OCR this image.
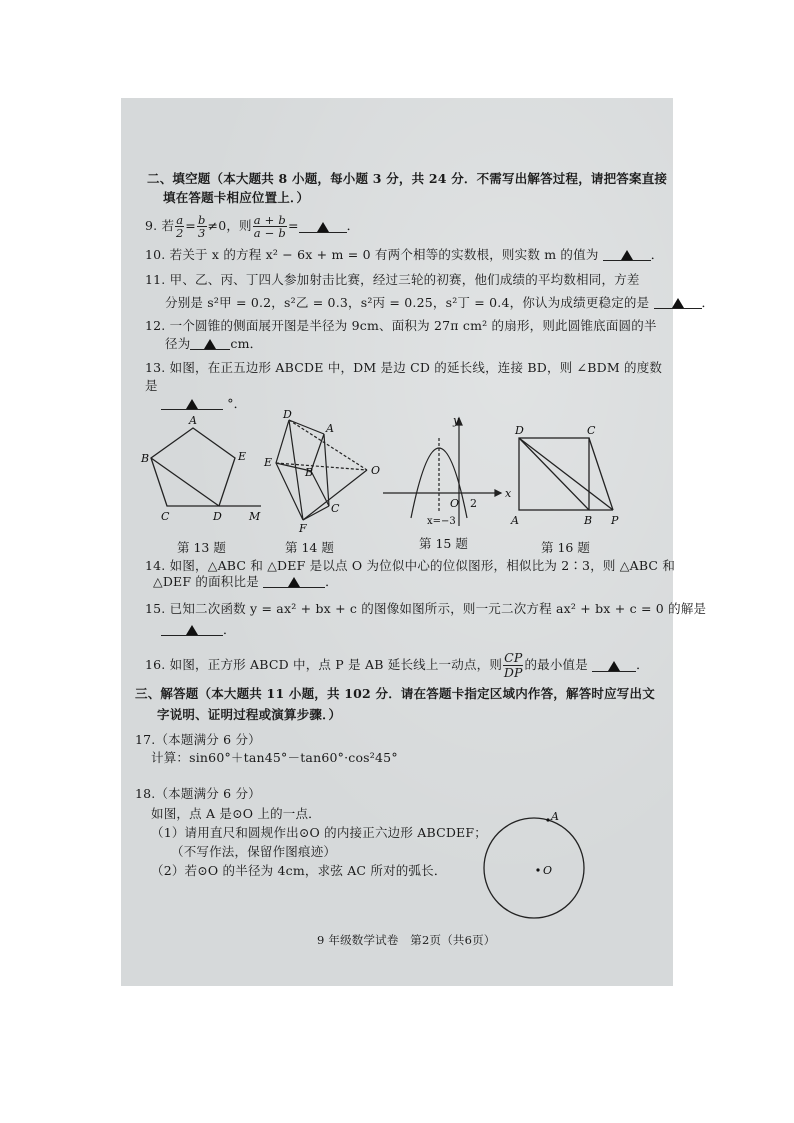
二、填空题（本大题共 8 小题，每小题 3 分，共 24 分．不需写出解答过程，请把答案直接
填在答题卡相应位置上．）
9.
若 $\frac{a}{2} = \frac{b}{3} \ne 0$，则 $\frac{a + b}{a - b}$ =	．
10. 若关于 x 的方程 x² − 6x + m = 0 有两个相等的实数根，则实数 m 的值为	．
11. 甲、乙、丙、丁四人参加射击比赛，经过三轮的初赛，他们成绩的平均数相同，方差
分别是 s²甲 = 0.2，s²乙 = 0.3，s²丙 = 0.25，s²丁 = 0.4，你认为成绩更稳定的是	．
12. 一个圆锥的侧面展开图是半径为 9cm、面积为 27π cm² 的扇形，则此圆锥底面圆的半
径为	cm．
13. 如图，在正五边形 ABCDE 中，DM 是边 CD 的延长线，连接 BD，则 ∠BDM 的度数
是
°．
A
E
B
C	D M
D
A
E
B
C
F
O
y
x
O 2
x=−3
D	C
A	B P
第 13 题	第 14 题	第 15 题	第 16 题
14. 如图，△ABC 和 △DEF 是以点 O 为位似中心的位似图形，相似比为 2∶3，则 △ABC 和
△DEF 的面积比是	．
15. 已知二次函数 y = ax² + bx + c 的图像如图所示，则一元二次方程 ax² + bx + c = 0 的解是
．
16. 如图，正方形 ABCD 中，点 P 是 AB 延长线上一动点，则 $\frac{CP}{DP}$ 的最小值是
	．
三、解答题（本大题共 11 小题，共 102 分．请在答题卡指定区域内作答，解答时应写出文
字说明、证明过程或演算步骤．）
17.（本题满分 6 分）
计算：sin60°＋tan45°－tan60°·cos²45°
18.（本题满分 6 分）
如图，点 A 是⊙O 上的一点．
（1）请用直尺和圆规作出⊙O 的内接正六边形 ABCDEF；
（不写作法，保留作图痕迹）
（2）若⊙O 的半径为 4cm，求弦 AC 所对的弧长．
A
O
9 年级数学试卷　第2页（共6页）
